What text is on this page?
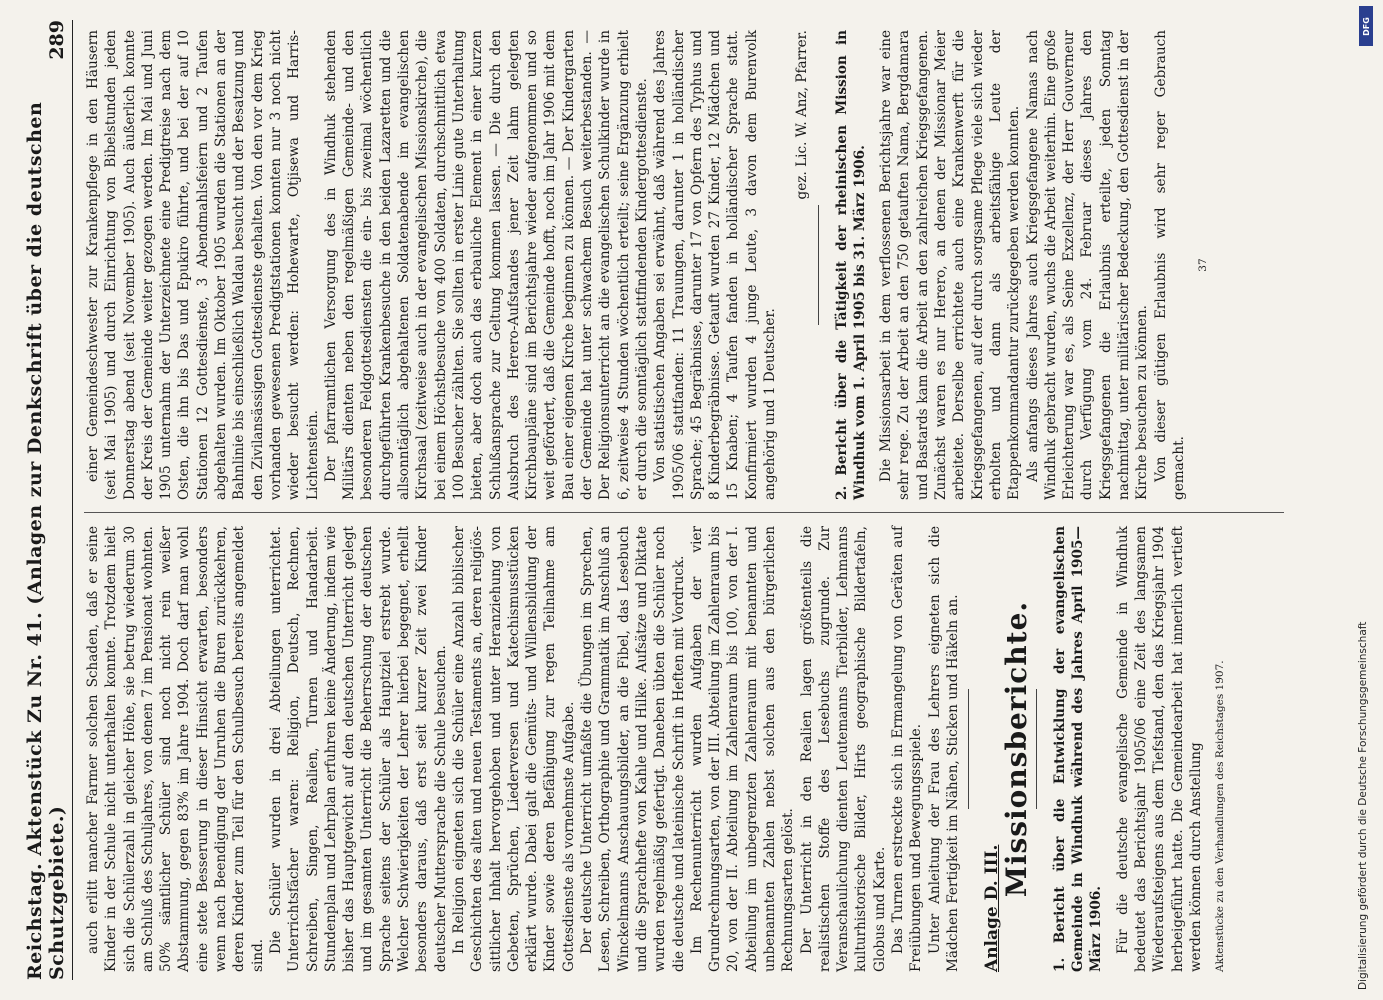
Reichstag. Aktenstück Zu Nr. 41. (Anlagen zur Denkschrift über die deutschen Schutzgebiete.)
289

auch erlitt mancher Farmer solchen Schaden, daß er seine Kinder in der Schule nicht unterhalten konnte. Trotzdem hielt sich die Schülerzahl in gleicher Höhe, sie betrug wiederum 30 am Schluß des Schuljahres, von denen 7 im Pensionat wohnten. 50% sämtlicher Schüler sind noch nicht rein weißer Abstammung, gegen 83% im Jahre 1904. Doch darf man wohl eine stete Besserung in dieser Hinsicht erwarten, besonders wenn nach Beendigung der Unruhen die Buren zurückkehren, deren Kinder zum Teil für den Schulbesuch bereits angemeldet sind.

Die Schüler wurden in drei Abteilungen unterrichtet. Unterrichtsfächer waren: Religion, Deutsch, Rechnen, Schreiben, Singen, Realien, Turnen und Handarbeit. Stundenplan und Lehrplan erfuhren keine Änderung, indem wie bisher das Hauptgewicht auf den deutschen Unterricht gelegt und im gesamten Unterricht die Beherrschung der deutschen Sprache seitens der Schüler als Hauptziel erstrebt wurde. Welcher Schwierigkeiten der Lehrer hierbei begegnet, erhellt besonders daraus, daß erst seit kurzer Zeit zwei Kinder deutscher Muttersprache die Schule besuchen. In Religion eigneten sich die Schüler eine Anzahl biblischer Geschichten des alten und neuen Testaments an, deren religiös-sittlicher Inhalt hervorgehoben und unter Heranziehung von Gebeten, Sprüchen, Liederversen und Katechismusstücken erklärt wurde. Dabei galt die Gemüts- und Willensbildung der Kinder sowie deren Befähigung zur regen Teilnahme am Gottesdienste als vornehmste Aufgabe. Der deutsche Unterricht umfaßte die Übungen im Sprechen, Lesen, Schreiben, Orthographie und Grammatik im Anschluß an Winckelmanns Anschauungsbilder, an die Fibel, das Lesebuch und die Sprachhefte von Kahle und Hilke. Aufsätze und Diktate wurden regelmäßig gefertigt. Daneben übten die Schüler noch die deutsche und lateinische Schrift in Heften mit Vordruck. Im Rechenunterricht wurden Aufgaben der vier Grundrechnungsarten, von der III. Abteilung im Zahlenraum bis 20, von der II. Abteilung im Zahlenraum bis 100, von der I. Abteilung im unbegrenzten Zahlenraum mit benannten und unbenannten Zahlen nebst solchen aus den bürgerlichen Rechnungsarten gelöst. Der Unterricht in den Realien lagen größtenteils die realistischen Stoffe des Lesebuchs zugrunde. Zur Veranschaulichung dienten Leutemanns Tierbilder, Lehmanns kulturhistorische Bilder, Hirts geographische Bildertafeln, Globus und Karte. Das Turnen erstreckte sich in Ermangelung von Geräten auf Freiübungen und Bewegungsspiele. Unter Anleitung der Frau des Lehrers eigneten sich die Mädchen Fertigkeit im Nähen, Sticken und Häkeln an. Anlage D. III.

Missionsberichte. 1. Bericht über die Entwicklung der evangelischen Gemeinde in Windhuk während des Jahres April 1905—März 1906. Für die deutsche evangelische Gemeinde in Windhuk bedeutet das Berichtsjahr 1905/06 eine Zeit des langsamen Wiederaufsteigens aus dem Tiefstand, den das Kriegsjahr 1904 herbeigeführt hatte. Die Gemeindearbeit hat innerlich vertieft werden können durch Anstellung Aktenstücke zu den Verhandlungen des Reichstages 1907.

einer Gemeindeschwester zur Krankenpflege in den Häusern (seit Mai 1905) und durch Einrichtung von Bibelstunden jeden Donnerstag abend (seit November 1905). Auch äußerlich konnte der Kreis der Gemeinde weiter gezogen werden. Im Mai und Juni 1905 unternahm der Unterzeichnete eine Predigtreise nach dem Osten, die ihn bis Das und Epukiro führte, und bei der auf 10 Stationen 12 Gottesdienste, 3 Abendmahlsfeiern und 2 Taufen abgehalten wurden. Im Oktober 1905 wurden die Stationen an der Bahnlinie bis einschließlich Waldau besucht und der Besatzung und den Zivilansässigen Gottesdienste gehalten. Von den vor dem Krieg vorhanden gewesenen Predigtstationen konnten nur 3 noch nicht wieder besucht werden: Hohewarte, Otjisewa und Harris-Lichtenstein. Der pfarramtlichen Versorgung des in Windhuk stehenden Militärs dienten neben den regelmäßigen Gemeinde- und den besonderen Feldgottesdiensten die ein- bis zweimal wöchentlich durchgeführten Krankenbesuche in den beiden Lazaretten und die allsonntäglich abgehaltenen Soldatenabende im evangelischen Kirchsaal (zeitweise auch in der evangelischen Missionskirche), die bei einem Höchstbesuche von 400 Soldaten, durchschnittlich etwa 100 Besucher zählten. Sie sollten in erster Linie gute Unterhaltung bieten, aber doch auch das erbauliche Element in einer kurzen Schlußansprache zur Geltung kommen lassen. — Die durch den Ausbruch des Herero-Aufstandes jener Zeit lahm gelegten Kirchbaupläne sind im Berichtsjahre wieder aufgenommen und so weit gefördert, daß die Gemeinde hofft, noch im Jahr 1906 mit dem Bau einer eigenen Kirche beginnen zu können. — Der Kindergarten der Gemeinde hat unter schwachem Besuch weiterbestanden. — Der Religionsunterricht an die evangelischen Schulkinder wurde in 6, zeitweise 4 Stunden wöchentlich erteilt; seine Ergänzung erhielt er durch die sonntäglich stattfindenden Kindergottesdienste. Von statistischen Angaben sei erwähnt, daß während des Jahres 1905/06 stattfanden: 11 Trauungen, darunter 1 in holländischer Sprache; 45 Begräbnisse, darunter 17 von Opfern des Typhus und 8 Kinderbegräbnisse. Getauft wurden 27 Kinder, 12 Mädchen und 15 Knaben; 4 Taufen fanden in holländischer Sprache statt. Konfirmiert wurden 4 junge Leute, 3 davon dem Burenvolk angehörig und 1 Deutscher.

gez. Lic. W. Anz, Pfarrer. 2. Bericht über die Tätigkeit der rheinischen Mission in Windhuk vom 1. April 1905 bis 31. März 1906. Die Missionsarbeit in dem verflossenen Berichtsjahre war eine sehr rege. Zu der Arbeit an den 750 getauften Nama, Bergdamara und Bastards kam die Arbeit an den zahlreichen Kriegsgefangenen. Zunächst waren es nur Herero, an denen der Missionar Meier arbeitete. Derselbe errichtete auch eine Krankenwerft für die Kriegsgefangenen, auf der durch sorgsame Pflege viele sich wieder erholten und dann als arbeitsfähige Leute der Etappenkommandantur zurückgegeben werden konnten. Als anfangs dieses Jahres auch Kriegsgefangene Namas nach Windhuk gebracht wurden, wuchs die Arbeit weiterhin. Eine große Erleichterung war es, als Seine Exzellenz, der Herr Gouverneur durch Verfügung vom 24. Februar dieses Jahres den Kriegsgefangenen die Erlaubnis erteilte, jeden Sonntag nachmittag, unter militärischer Bedeckung, den Gottesdienst in der Kirche besuchen zu können. Von dieser gütigen Erlaubnis wird sehr reger Gebrauch gemacht.

37

Digitalisierung gefördert durch die Deutsche Forschungsgemeinschaft
DFG
